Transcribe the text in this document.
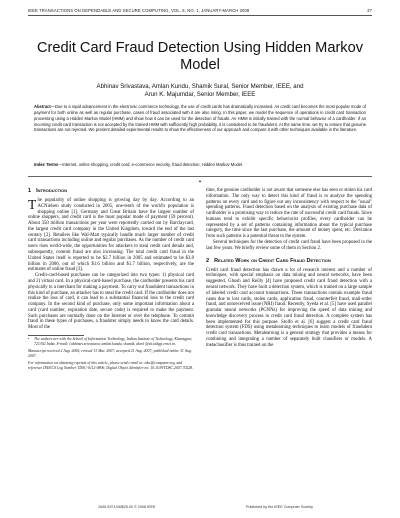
IEEE TRANSACTIONS ON DEPENDABLE AND SECURE COMPUTING, VOL. 5, NO. 1, JANUARY-MARCH 2008	37
Credit Card Fraud Detection Using Hidden Markov Model
Abhinav Srivastava, Amlan Kundu, Shamik Sural, Senior Member, IEEE, and
Arun K. Majumdar, Senior Member, IEEE
Abstract—Due to a rapid advancement in the electronic commerce technology, the use of credit cards has dramatically increased. As credit card becomes the most popular mode of payment for both online as well as regular purchase, cases of fraud associated with it are also rising. In this paper, we model the sequence of operations in credit card transaction processing using a Hidden Markov Model (HMM) and show how it can be used for the detection of frauds. An HMM is initially trained with the normal behavior of a cardholder. If an incoming credit card transaction is not accepted by the trained HMM with sufficiently high probability, it is considered to be fraudulent. At the same time, we try to ensure that genuine transactions are not rejected. We present detailed experimental results to show the effectiveness of our approach and compare it with other techniques available in the literature.
Index Terms—Internet, online shopping, credit card, e-commerce security, fraud detection, Hidden Markov Model.
✦
1 Introduction

The popularity of online shopping is growing day by day. According to an ACNielsen study conducted in 2005, one-tenth of the world's population is shopping online [1]. Germany and Great Britain have the largest number of online shoppers, and credit card is the most popular mode of payment (59 percent). About 350 million transactions per year were reportedly carried out by Barclaycard, the largest credit card company in the United Kingdom, toward the end of the last century [2]. Retailers like Wal-Mart typically handle much larger number of credit card transactions including online and regular purchases. As the number of credit card users rises world-wide, the opportunities for attackers to steal credit card details and, subsequently, commit fraud are also increasing. The total credit card fraud in the United States itself is reported to be $2.7 billion in 2005 and estimated to be $3.0 billion in 2006, out of which $1.6 billion and $1.7 billion, respectively, are the estimates of online fraud [3].

Credit-card-based purchases can be categorized into two types: 1) physical card and 2) virtual card. In a physical-card-based purchase, the cardholder presents his card physically to a merchant for making a payment. To carry out fraudulent transactions in this kind of purchase, an attacker has to steal the credit card. If the cardholder does not realize the loss of card, it can lead to a substantial financial loss to the credit card company. In the second kind of purchase, only some important information about a card (card number, expiration date, secure code) is required to make the payment. Such purchases are normally done on the Internet or over the telephone. To commit fraud in these types of purchases, a fraudster simply needs to know the card details. Most of the

• The authors are with the School of Information Technology, Indian Institute of Technology, Kharagpur, 721302 India. E-mail: {abhinav.srivastava, amlan.kundu, shamik, akm} @sit.iitkgp.ernet.in.
Manuscript received 2 Aug. 2006; revised 13 Mar. 2007; accepted 21 Aug. 2007; published online 31 Aug. 2007.
For information on obtaining reprints of this article, please send e-mail to: tdsc@computer.org, and reference IEEECS Log Number TDSC-0112-0806. Digital Object Identifier no. 10.1109/TDSC.2007.70228.

time, the genuine cardholder is not aware that someone else has seen or stolen his card information. The only way to detect this kind of fraud is to analyze the spending patterns on every card and to figure out any inconsistency with respect to the "usual" spending patterns. Fraud detection based on the analysis of existing purchase data of cardholder is a promising way to reduce the rate of successful credit card frauds. Since humans tend to exhibit specific behaviorist profiles, every cardholder can be represented by a set of patterns containing information about the typical purchase category, the time since the last purchase, the amount of money spent, etc. Deviation from such patterns is a potential threat to the system.

Several techniques for the detection of credit card fraud have been proposed in the last few years. We briefly review some of them in Section 2.

2 Related Work on Credit Card Fraud Detection

Credit card fraud detection has drawn a lot of research interest and a number of techniques, with special emphasis on data mining and neural networks, have been suggested. Ghosh and Reilly [4] have proposed credit card fraud detection with a neural network. They have built a detection system, which is trained on a large sample of labeled credit card account transactions. These transactions contain example fraud cases due to lost cards, stolen cards, application fraud, counterfeit fraud, mail-order fraud, and nonreceived issue (NRI) fraud. Recently, Syeda et al. [5] have used parallel granular neural networks (PGNNs) for improving the speed of data mining and knowledge discovery process in credit card fraud detection. A complete system has been implemented for this purpose. Stolfo et al. [6] suggest a credit card fraud detection system (FDS) using metalearning techniques to learn models of fraudulent credit card transactions. Metalearning is a general strategy that provides a means for combining and integrating a number of separately built classifiers or models. A metaclassifier is thus trained on the

1545-5971/08/$25.00 © 2008 IEEE	Published by the IEEE Computer Society
